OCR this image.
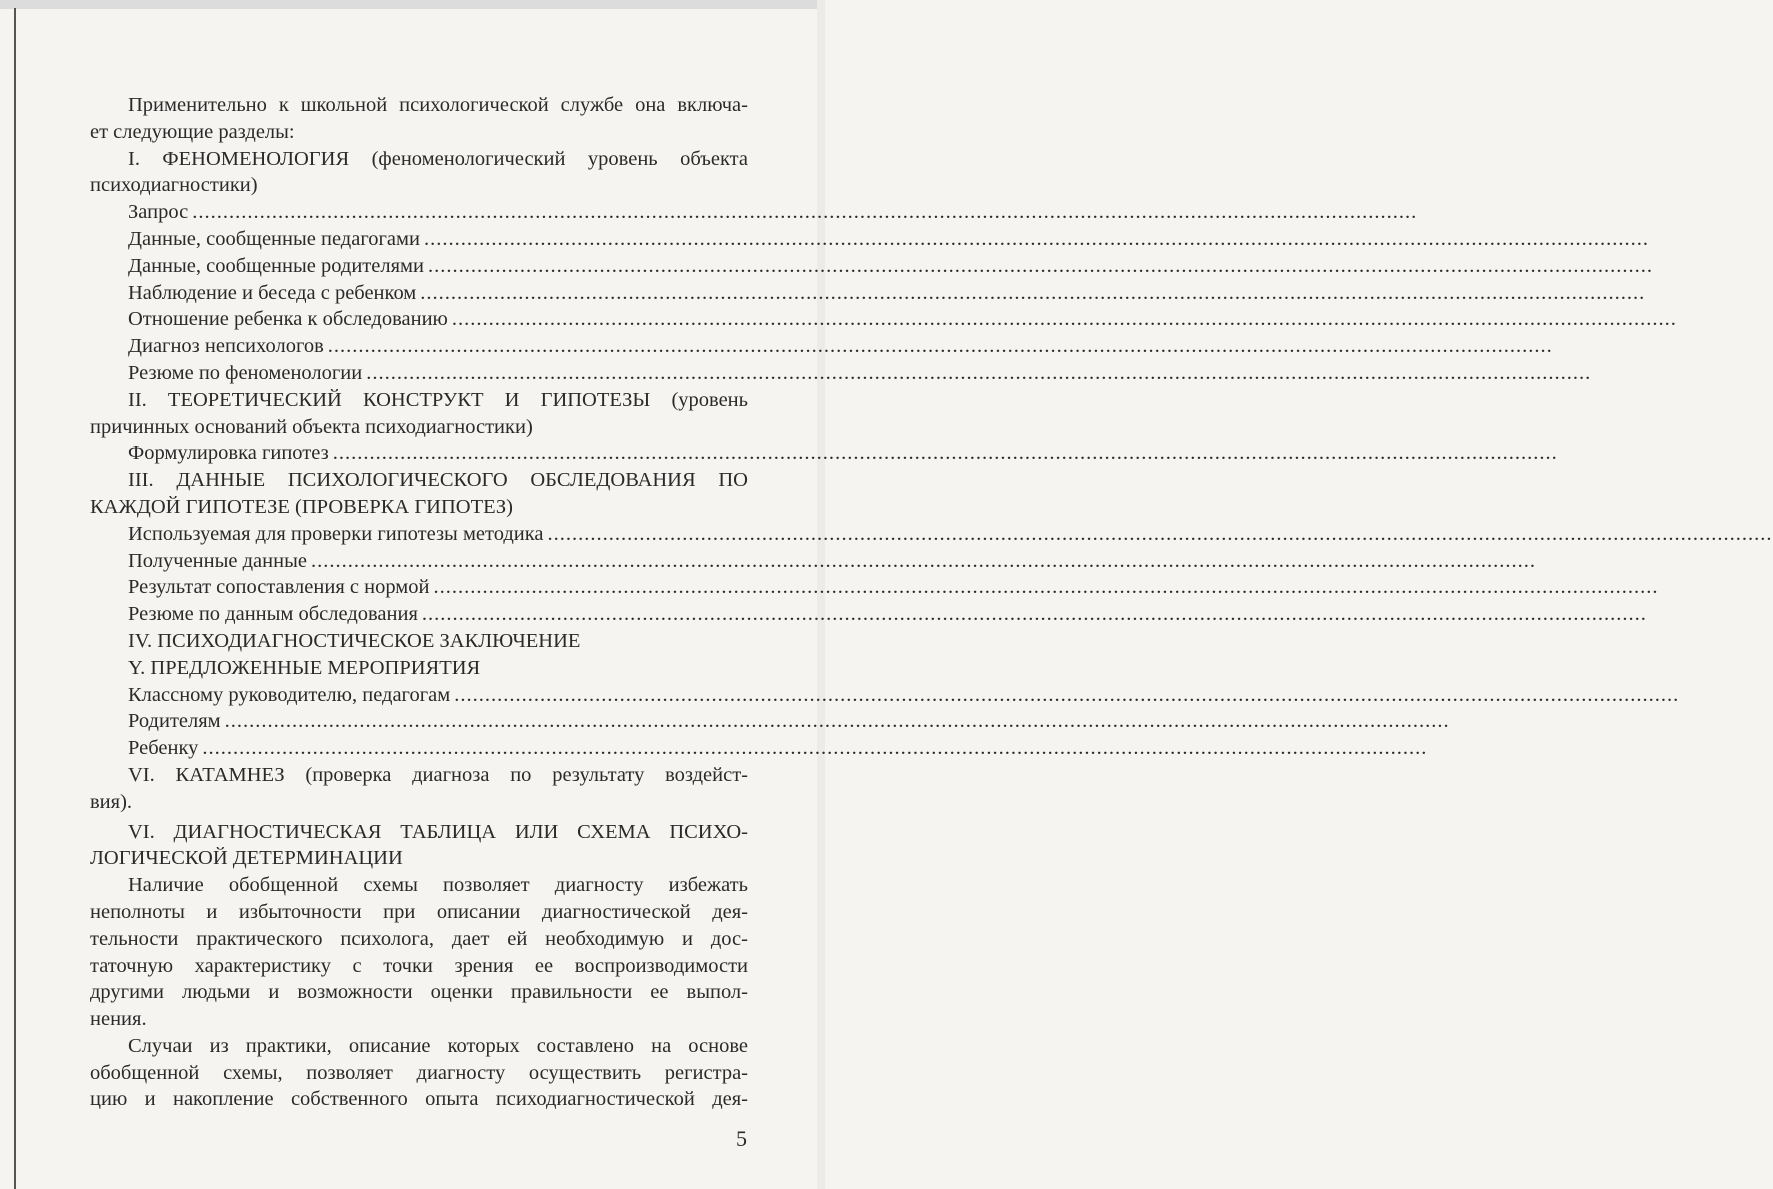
Применительно к школьной психологической службе она включа-
ет следующие разделы:
I. ФЕНОМЕНОЛОГИЯ (феноменологический уровень объекта
психодиагностики)
Запрос ........................................................................................................................................................................................................
Данные, сообщенные педагогами ........................................................................................................................................................................................................
Данные, сообщенные родителями ........................................................................................................................................................................................................
Наблюдение и беседа с ребенком ........................................................................................................................................................................................................
Отношение ребенка к обследованию ........................................................................................................................................................................................................
Диагноз непсихологов ........................................................................................................................................................................................................
Резюме по феноменологии ........................................................................................................................................................................................................
II. ТЕОРЕТИЧЕСКИЙ КОНСТРУКТ И ГИПОТЕЗЫ (уровень
причинных оснований объекта психодиагностики)
Формулировка гипотез ........................................................................................................................................................................................................
III. ДАННЫЕ ПСИХОЛОГИЧЕСКОГО ОБСЛЕДОВАНИЯ ПО
КАЖДОЙ ГИПОТЕЗЕ (ПРОВЕРКА ГИПОТЕЗ)
Используемая для проверки гипотезы методика ........................................................................................................................................................................................................
Полученные данные ........................................................................................................................................................................................................
Результат сопоставления с нормой ........................................................................................................................................................................................................
Резюме по данным обследования ........................................................................................................................................................................................................
IV. ПСИХОДИАГНОСТИЧЕСКОЕ ЗАКЛЮЧЕНИЕ
Y. ПРЕДЛОЖЕННЫЕ МЕРОПРИЯТИЯ
Классному руководителю, педагогам ........................................................................................................................................................................................................
Родителям ........................................................................................................................................................................................................
Ребенку ........................................................................................................................................................................................................
VI. КАТАМНЕЗ (проверка диагноза по результату воздейст-
вия).
VI. ДИАГНОСТИЧЕСКАЯ ТАБЛИЦА ИЛИ СХЕМА ПСИХО-
ЛОГИЧЕСКОЙ ДЕТЕРМИНАЦИИ
Наличие обобщенной схемы позволяет диагносту избежать
неполноты и избыточности при описании диагностической дея-
тельности практического психолога, дает ей необходимую и дос-
таточную характеристику с точки зрения ее воспроизводимости
другими людьми и возможности оценки правильности ее выпол-
нения.
Случаи из практики, описание которых составлено на основе
обобщенной схемы, позволяет диагносту осуществить регистра-
цию и накопление собственного опыта психодиагностической дея-
5
